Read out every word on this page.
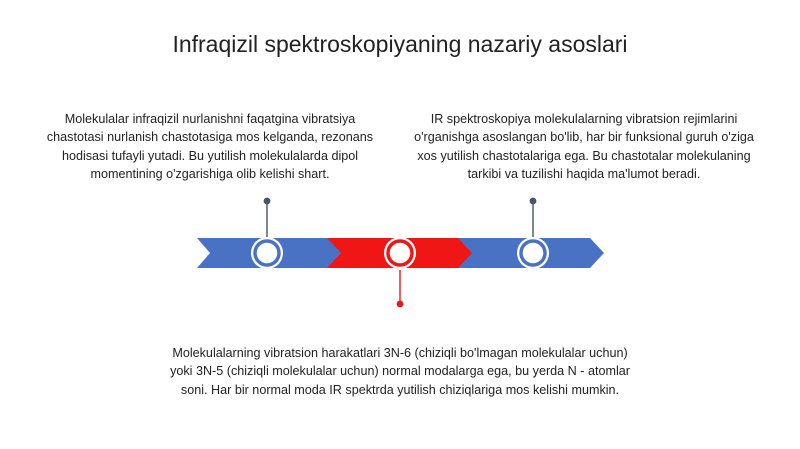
Infraqizil spektroskopiyaning nazariy asoslari
Molekulalar infraqizil nurlanishni faqatgina vibratsiya chastotasi nurlanish chastotasiga mos kelganda, rezonans hodisasi tufayli yutadi. Bu yutilish molekulalarda dipol momentining o'zgarishiga olib kelishi shart.
IR spektroskopiya molekulalarning vibratsion rejimlarini o'rganishga asoslangan bo'lib, har bir funksional guruh o'ziga xos yutilish chastotalariga ega. Bu chastotalar molekulaning tarkibi va tuzilishi haqida ma'lumot beradi.
Molekulalarning vibratsion harakatlari 3N-6 (chiziqli bo'lmagan molekulalar uchun) yoki 3N-5 (chiziqli molekulalar uchun) normal modalarga ega, bu yerda N - atomlar soni. Har bir normal moda IR spektrda yutilish chiziqlariga mos kelishi mumkin.
